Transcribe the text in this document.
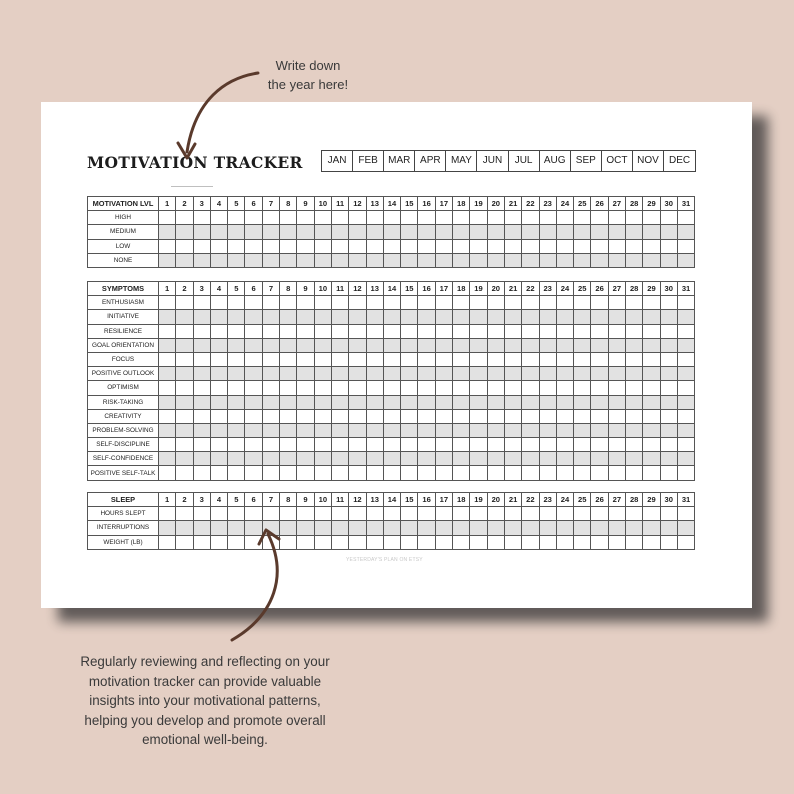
Write down
the year here!
MOTIVATION TRACKER	JAN	FEB	MAR APR	MAY	JUN	JUL	AUG	SEP	OCT NOV	DEC
MOTIVATION LVL	1	2	3	4	5	6	7	8	9	10	11	12	13	14	15	16	17	18	19	20	21	22	23	24	25	26	27	28	29	30	31
HIGH																															
MEDIUM																															
LOW																															
NONE																															
SYMPTOMS	1	2	3	4	5	6	7	8	9	10	11	12	13	14	15	16	17	18	19	20	21	22	23	24	25	26	27	28	29	30	31
ENTHUSIASM																															
INITIATIVE																															
RESILIENCE																															
GOAL ORIENTATION																															
FOCUS																															
POSITIVE OUTLOOK																															
OPTIMISM																															
RISK-TAKING																															
CREATIVITY																															
PROBLEM-SOLVING																															
SELF-DISCIPLINE																															
SELF-CONFIDENCE																															
POSITIVE SELF-TALK																															
SLEEP	1	2	3	4	5	6	7	8	9	10	11	12	13	14	15	16	17	18	19	20	21	22	23	24	25	26	27	28	29	30	31
HOURS SLEPT																															
INTERRUPTIONS																															
WEIGHT (LB)																															
YESTERDAY'S PLAN ON ETSY
Regularly reviewing and reflecting on your
motivation tracker can provide valuable
insights into your motivational patterns,
helping you develop and promote overall
emotional well-being.
